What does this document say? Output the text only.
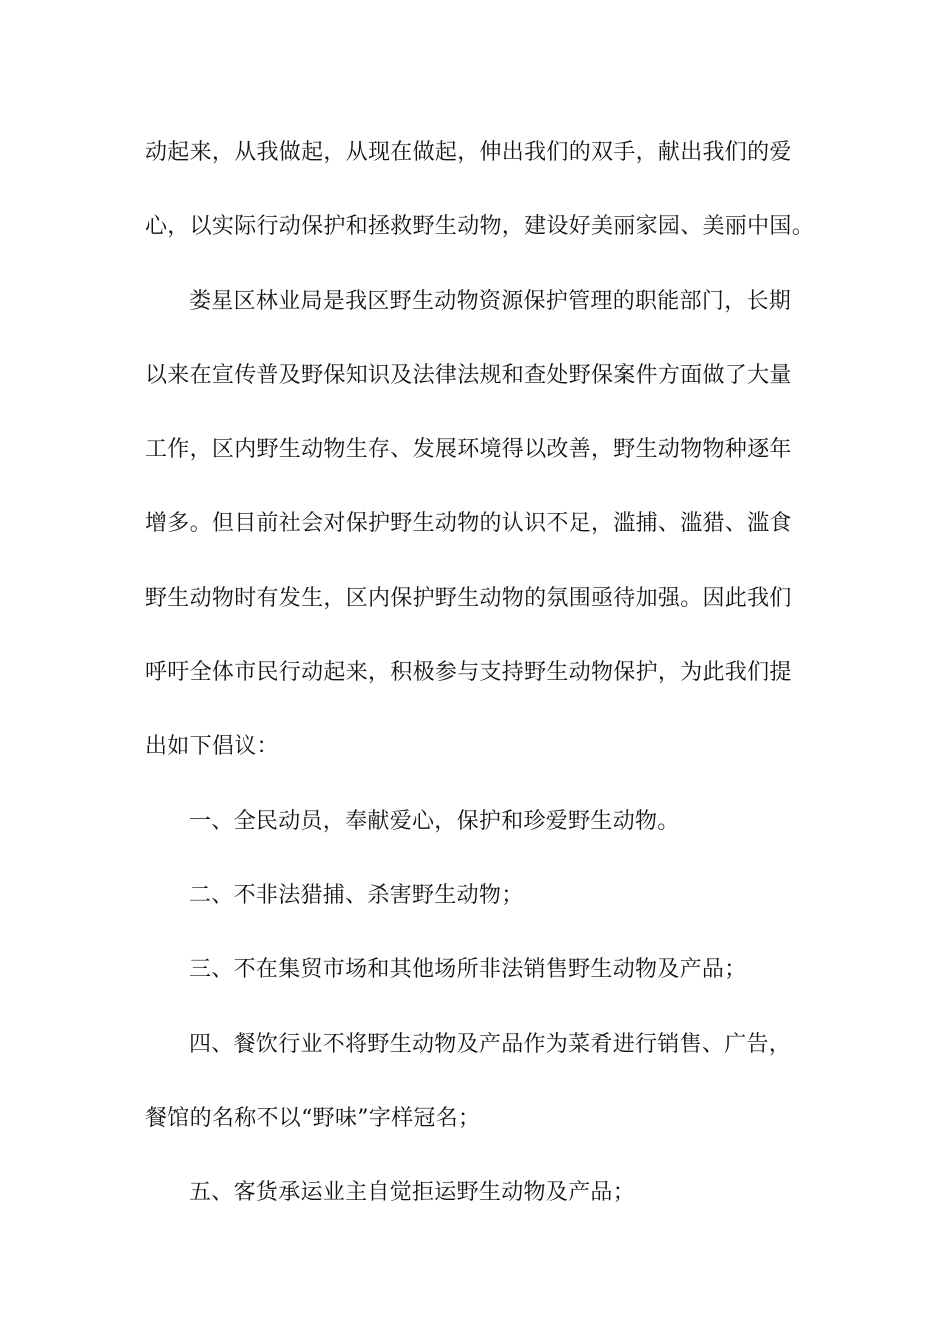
动起来，从我做起，从现在做起，伸出我们的双手，献出我们的爱
心，以实际行动保护和拯救野生动物，建设好美丽家园、美丽中国。
娄星区林业局是我区野生动物资源保护管理的职能部门，长期
以来在宣传普及野保知识及法律法规和查处野保案件方面做了大量
工作，区内野生动物生存、发展环境得以改善，野生动物物种逐年
增多。但目前社会对保护野生动物的认识不足，滥捕、滥猎、滥食
野生动物时有发生，区内保护野生动物的氛围亟待加强。因此我们
呼吁全体市民行动起来，积极参与支持野生动物保护，为此我们提
出如下倡议：
一、全民动员，奉献爱心，保护和珍爱野生动物。
二、不非法猎捕、杀害野生动物；
三、不在集贸市场和其他场所非法销售野生动物及产品；
四、餐饮行业不将野生动物及产品作为菜肴进行销售、广告，
餐馆的名称不以“野味”字样冠名；
五、客货承运业主自觉拒运野生动物及产品；
